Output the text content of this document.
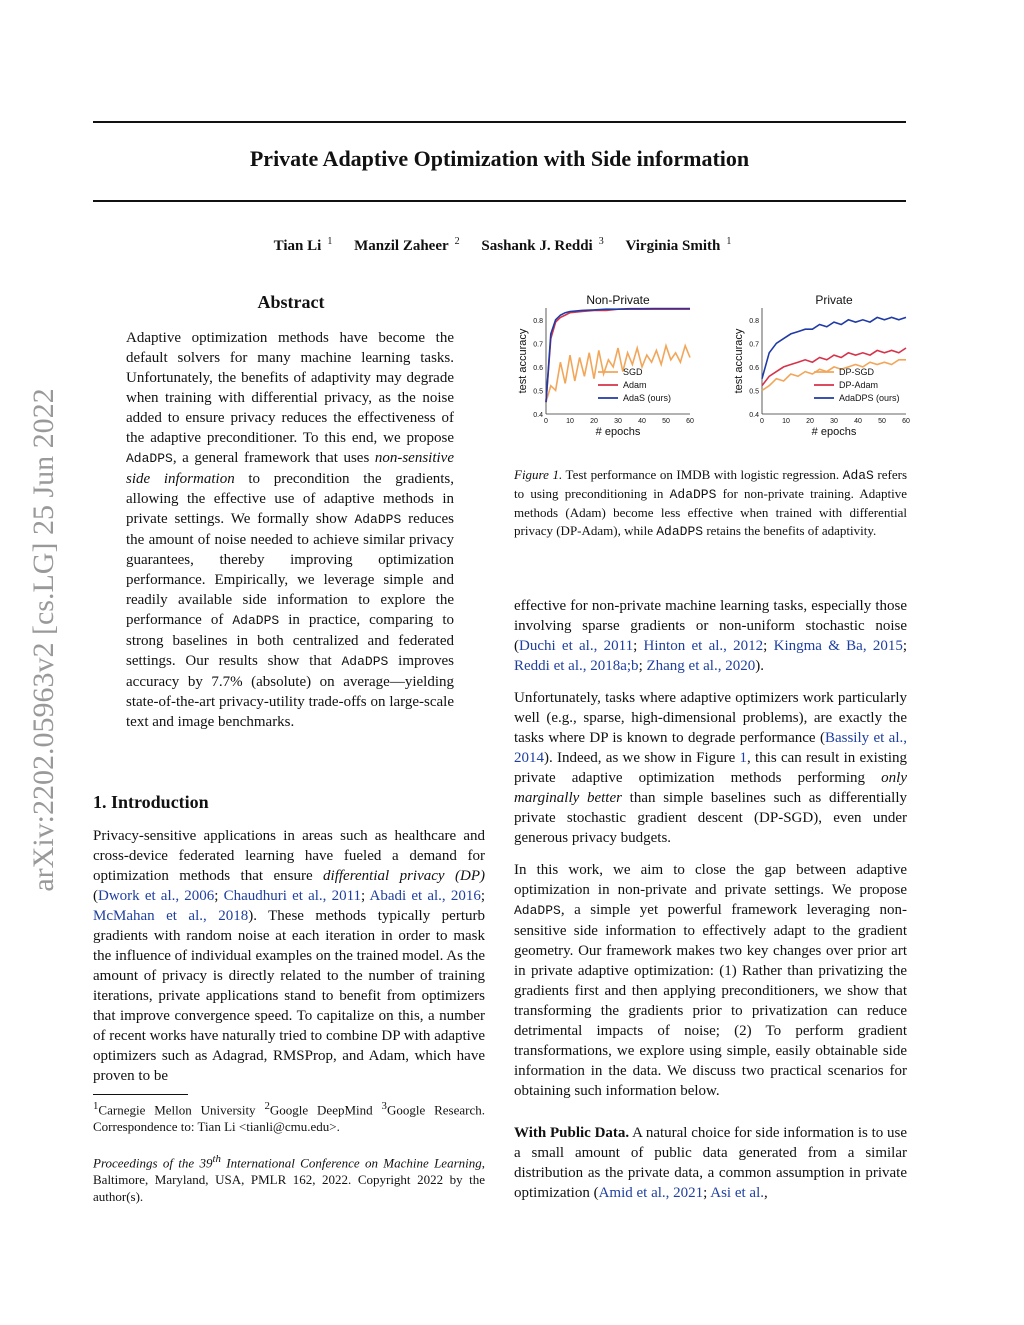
Private Adaptive Optimization with Side information
Tian Li $^1$ Manzil Zaheer $^2$ Sashank J. Reddi $^3$ Virginia Smith $^1$
arXiv:2202.05963v2 [cs.LG] 25 Jun 2022
Abstract
Adaptive optimization methods have become the default solvers for many machine learning tasks. Unfortunately, the benefits of adaptivity may degrade when training with differential privacy, as the noise added to ensure privacy reduces the effectiveness of the adaptive preconditioner. To this end, we propose AdaDPS, a general framework that uses non-sensitive side information to precondition the gradients, allowing the effective use of adaptive methods in private settings. We formally show AdaDPS reduces the amount of noise needed to achieve similar privacy guarantees, thereby improving optimization performance. Empirically, we leverage simple and readily available side information to explore the performance of AdaDPS in practice, comparing to strong baselines in both centralized and federated settings. Our results show that AdaDPS improves accuracy by 7.7% (absolute) on average—yielding state-of-the-art privacy-utility trade-offs on large-scale text and image benchmarks.
1. Introduction
Privacy-sensitive applications in areas such as healthcare and cross-device federated learning have fueled a demand for optimization methods that ensure differential privacy (DP) (Dwork et al., 2006; Chaudhuri et al., 2011; Abadi et al., 2016; McMahan et al., 2018). These methods typically perturb gradients with random noise at each iteration in order to mask the influence of individual examples on the trained model. As the amount of privacy is directly related to the number of training iterations, private applications stand to benefit from optimizers that improve convergence speed. To capitalize on this, a number of recent works have naturally tried to combine DP with adaptive optimizers such as Adagrad, RMSProp, and Adam, which have proven to be
$^1$Carnegie Mellon University $^2$Google DeepMind $^3$Google Research. Correspondence to: Tian Li <tianli@cmu.edu>.
Proceedings of the 39th International Conference on Machine Learning, Baltimore, Maryland, USA, PMLR 162, 2022. Copyright 2022 by the author(s).
Non-Private
0.4
0.5
0.6
0.7
0.8
0	10 20 30 40 50 60
# epochs
test accuracy	SGD
Adam
AdaS (ours)
Private
0.4
0.5
0.6
0.7
0.8
0	10 20 30 40 50 60
# epochs
test accuracy	DP-SGD
DP-Adam
AdaDPS (ours)
Figure 1. Test performance on IMDB with logistic regression. AdaS refers to using preconditioning in AdaDPS for non-private training. Adaptive methods (Adam) become less effective when trained with differential privacy (DP-Adam), while AdaDPS retains the benefits of adaptivity.

effective for non-private machine learning tasks, especially those involving sparse gradients or non-uniform stochastic noise (Duchi et al., 2011; Hinton et al., 2012; Kingma & Ba, 2015; Reddi et al., 2018a;b; Zhang et al., 2020).

Unfortunately, tasks where adaptive optimizers work particularly well (e.g., sparse, high-dimensional problems), are exactly the tasks where DP is known to degrade performance (Bassily et al., 2014). Indeed, as we show in Figure 1, this can result in existing private adaptive optimization methods performing only marginally better than simple baselines such as differentially private stochastic gradient descent (DP-SGD), even under generous privacy budgets.

In this work, we aim to close the gap between adaptive optimization in non-private and private settings. We propose AdaDPS, a simple yet powerful framework leveraging non-sensitive side information to effectively adapt to the gradient geometry. Our framework makes two key changes over prior art in private adaptive optimization: (1) Rather than privatizing the gradients first and then applying preconditioners, we show that transforming the gradients prior to privatization can reduce detrimental impacts of noise; (2) To perform gradient transformations, we explore using simple, easily obtainable side information in the data. We discuss two practical scenarios for obtaining such information below.

With Public Data. A natural choice for side information is to use a small amount of public data generated from a similar distribution as the private data, a common assumption in private optimization (Amid et al., 2021; Asi et al.,
